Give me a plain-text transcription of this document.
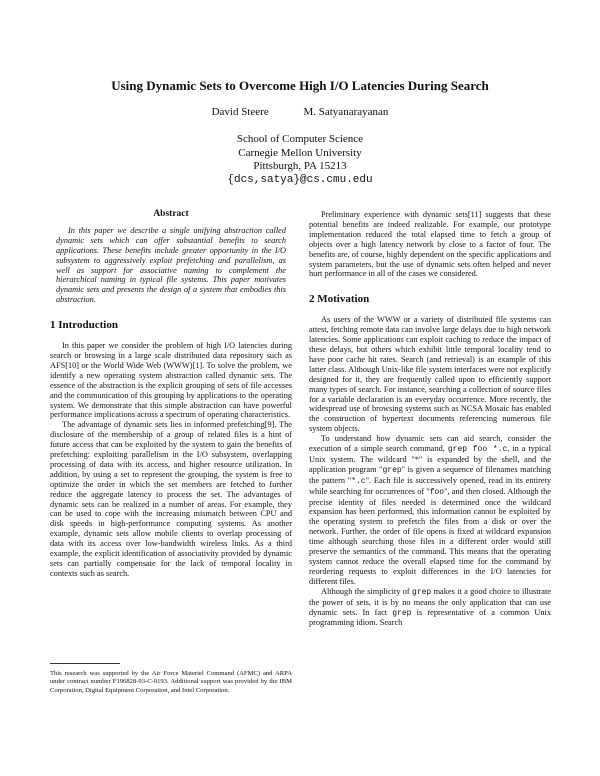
Using Dynamic Sets to Overcome High I/O Latencies During Search
David Steere	M. Satyanarayanan
School of Computer Science
Carnegie Mellon University
Pittsburgh, PA 15213
{dcs,satya}@cs.cmu.edu
Abstract

In this paper we describe a single unifying abstraction called dynamic sets which can offer substantial benefits to search applications. These benefits include greater opportunity in the I/O subsystem to aggressively exploit prefetching and parallelism, as well as support for associative naming to complement the hierarchical naming in typical file systems. This paper motivates dynamic sets and presents the design of a system that embodies this abstraction.

1 Introduction

In this paper we consider the problem of high I/O latencies during search or browsing in a large scale distributed data repository such as AFS[10] or the World Wide Web (WWW)[1]. To solve the problem, we identify a new operating system abstraction called dynamic sets. The essence of the abstraction is the explicit grouping of sets of file accesses and the communication of this grouping by applications to the operating system. We demonstrate that this simple abstraction can have powerful performance implications across a spectrum of operating characteristics.

The advantage of dynamic sets lies in informed prefetching[9]. The disclosure of the membership of a group of related files is a hint of future access that can be exploited by the system to gain the benefits of prefetching: exploiting parallelism in the I/O subsystem, overlapping processing of data with its access, and higher resource utilization. In addition, by using a set to represent the grouping, the system is free to optimize the order in which the set members are fetched to further reduce the aggregate latency to process the set. The advantages of dynamic sets can be realized in a number of areas. For example, they can be used to cope with the increasing mismatch between CPU and disk speeds in high-performance computing systems. As another example, dynamic sets allow mobile clients to overlap processing of data with its access over low-bandwidth wireless links. As a third example, the explicit identification of associativity provided by dynamic sets can partially compensate for the lack of temporal locality in contexts such as search.

This research was supported by the Air Force Materiel Command (AFMC) and ARPA under contract number F196828-93-C-0193. Additional support was provided by the IBM Corporation, Digital Equipment Corporation, and Intel Corporation.

Preliminary experience with dynamic sets[11] suggests that these potential benefits are indeed realizable. For example, our prototype implementation reduced the total elapsed time to fetch a group of objects over a high latency network by close to a factor of four. The benefits are, of course, highly dependent on the specific applications and system parameters, but the use of dynamic sets often helped and never hurt performance in all of the cases we considered.

2 Motivation

As users of the WWW or a variety of distributed file systems can attest, fetching remote data can involve large delays due to high network latencies. Some applications can exploit caching to reduce the impact of these delays, but others which exhibit little temporal locality tend to have poor cache hit rates. Search (and retrieval) is an example of this latter class. Although Unix-like file system interfaces were not explicitly designed for it, they are frequently called upon to efficiently support many types of search. For instance, searching a collection of source files for a variable declaration is an everyday occurrence. More recently, the widespread use of browsing systems such as NCSA Mosaic has enabled the construction of hypertext documents referencing numerous file system objects.

To understand how dynamic sets can aid search, consider the execution of a simple search command, grep foo *.c, in a typical Unix system. The wildcard "*" is expanded by the shell, and the application program "grep" is given a sequence of filenames matching the pattern "*.c". Each file is successively opened, read in its entirety while searching for occurrences of "foo", and then closed. Although the precise identity of files needed is determined once the wildcard expansion has been performed, this information cannot be exploited by the operating system to prefetch the files from a disk or over the network. Further, the order of file opens is fixed at wildcard expansion time although searching those files in a different order would still preserve the semantics of the command. This means that the operating system cannot reduce the overall elapsed time for the command by reordering requests to exploit differences in the I/O latencies for different files.

Although the simplicity of grep makes it a good choice to illustrate the power of sets, it is by no means the only application that can use dynamic sets. In fact grep is representative of a common Unix programming idiom. Search
